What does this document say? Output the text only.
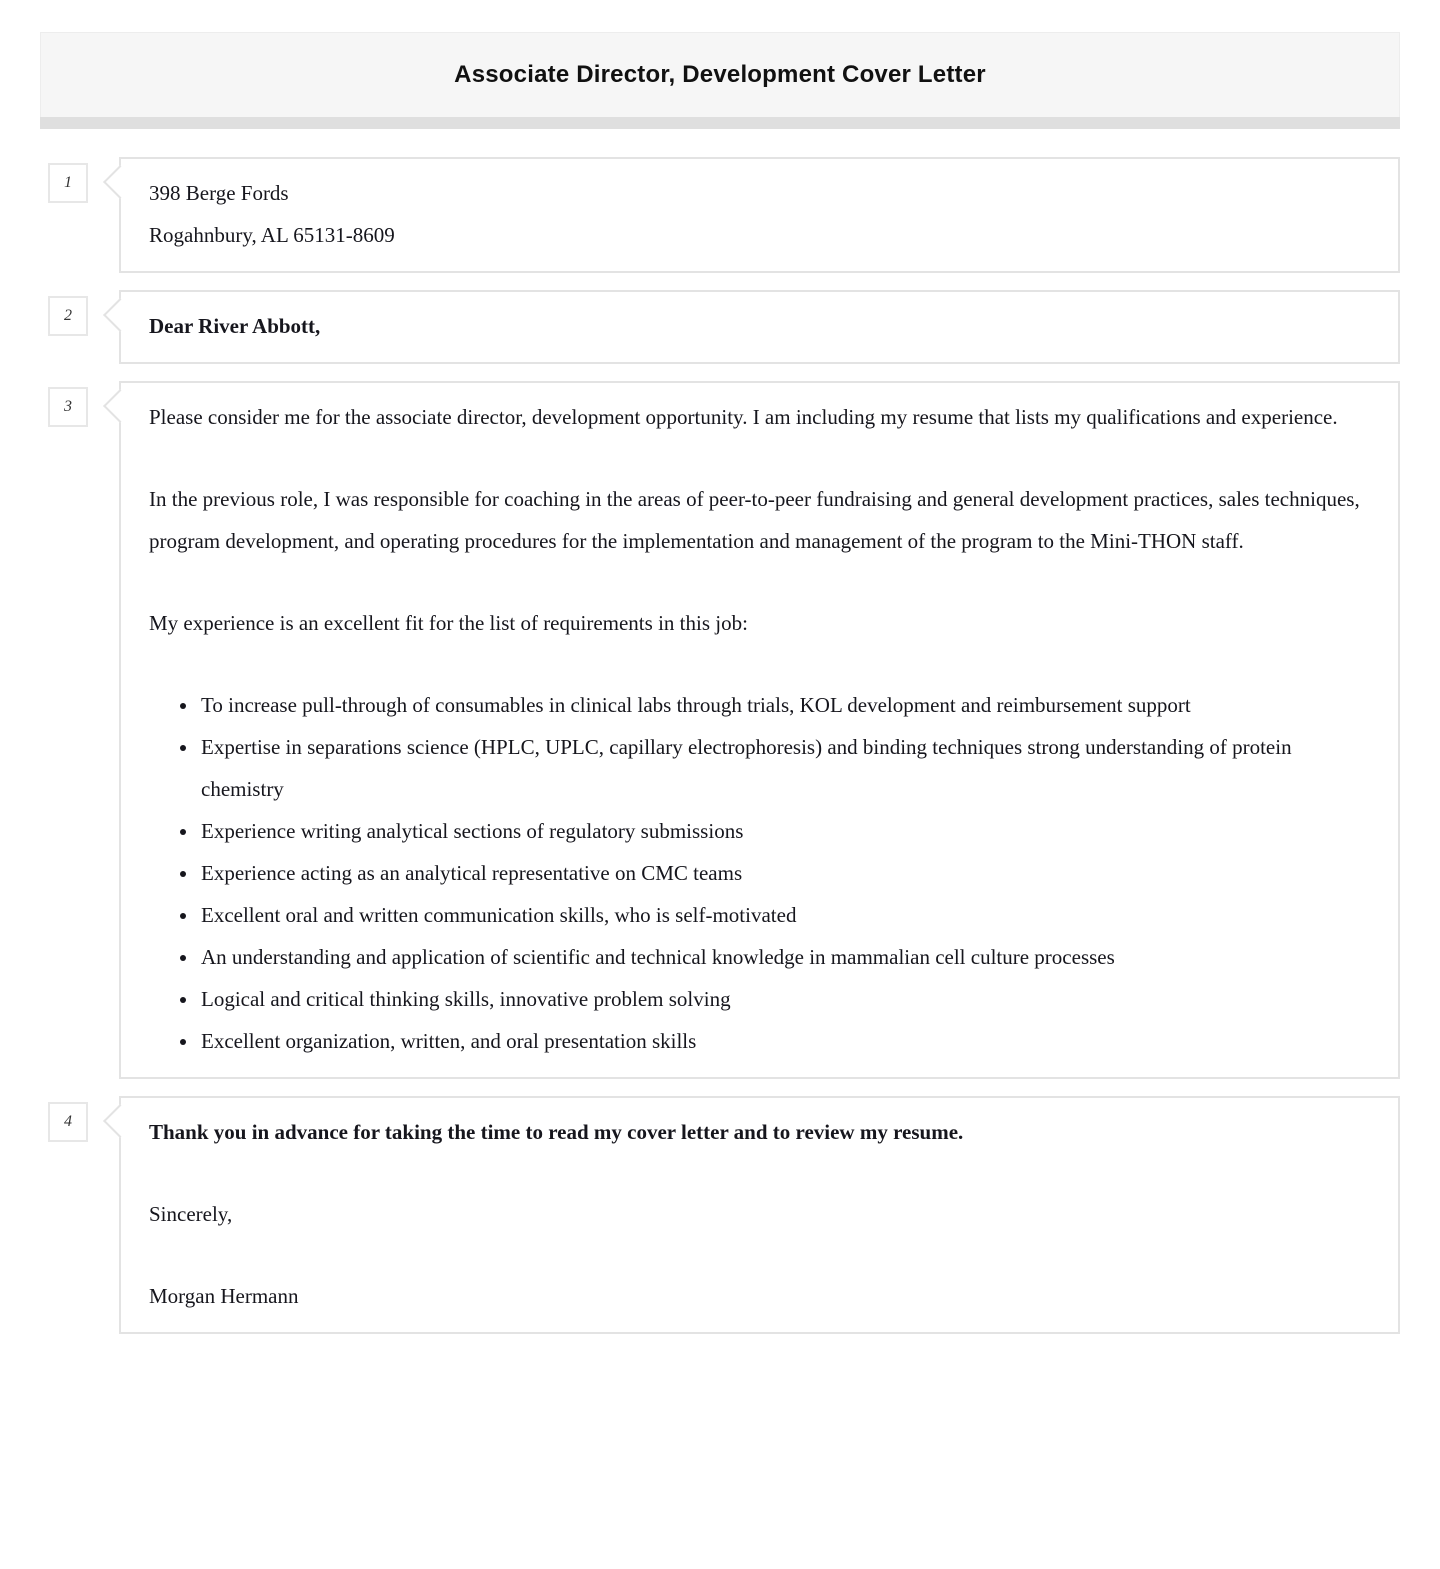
Associate Director, Development Cover Letter
1	398 Berge Fords

Rogahnbury, AL 65131-8609

2	Dear River Abbott,

3	Please consider me for the associate director, development opportunity. I am including my resume that lists my qualifications and experience.

In the previous role, I was responsible for coaching in the areas of peer-to-peer fundraising and general development practices, sales techniques, program development, and operating procedures for the implementation and management of the program to the Mini-THON staff.

My experience is an excellent fit for the list of requirements in this job:

• To increase pull-through of consumables in clinical labs through trials, KOL development and reimbursement support
• Expertise in separations science (HPLC, UPLC, capillary electrophoresis) and binding techniques strong understanding of protein chemistry
• Experience writing analytical sections of regulatory submissions
• Experience acting as an analytical representative on CMC teams
• Excellent oral and written communication skills, who is self-motivated
• An understanding and application of scientific and technical knowledge in mammalian cell culture processes
• Logical and critical thinking skills, innovative problem solving
• Excellent organization, written, and oral presentation skills
4	Thank you in advance for taking the time to read my cover letter and to review my resume.

Sincerely,

Morgan Hermann
